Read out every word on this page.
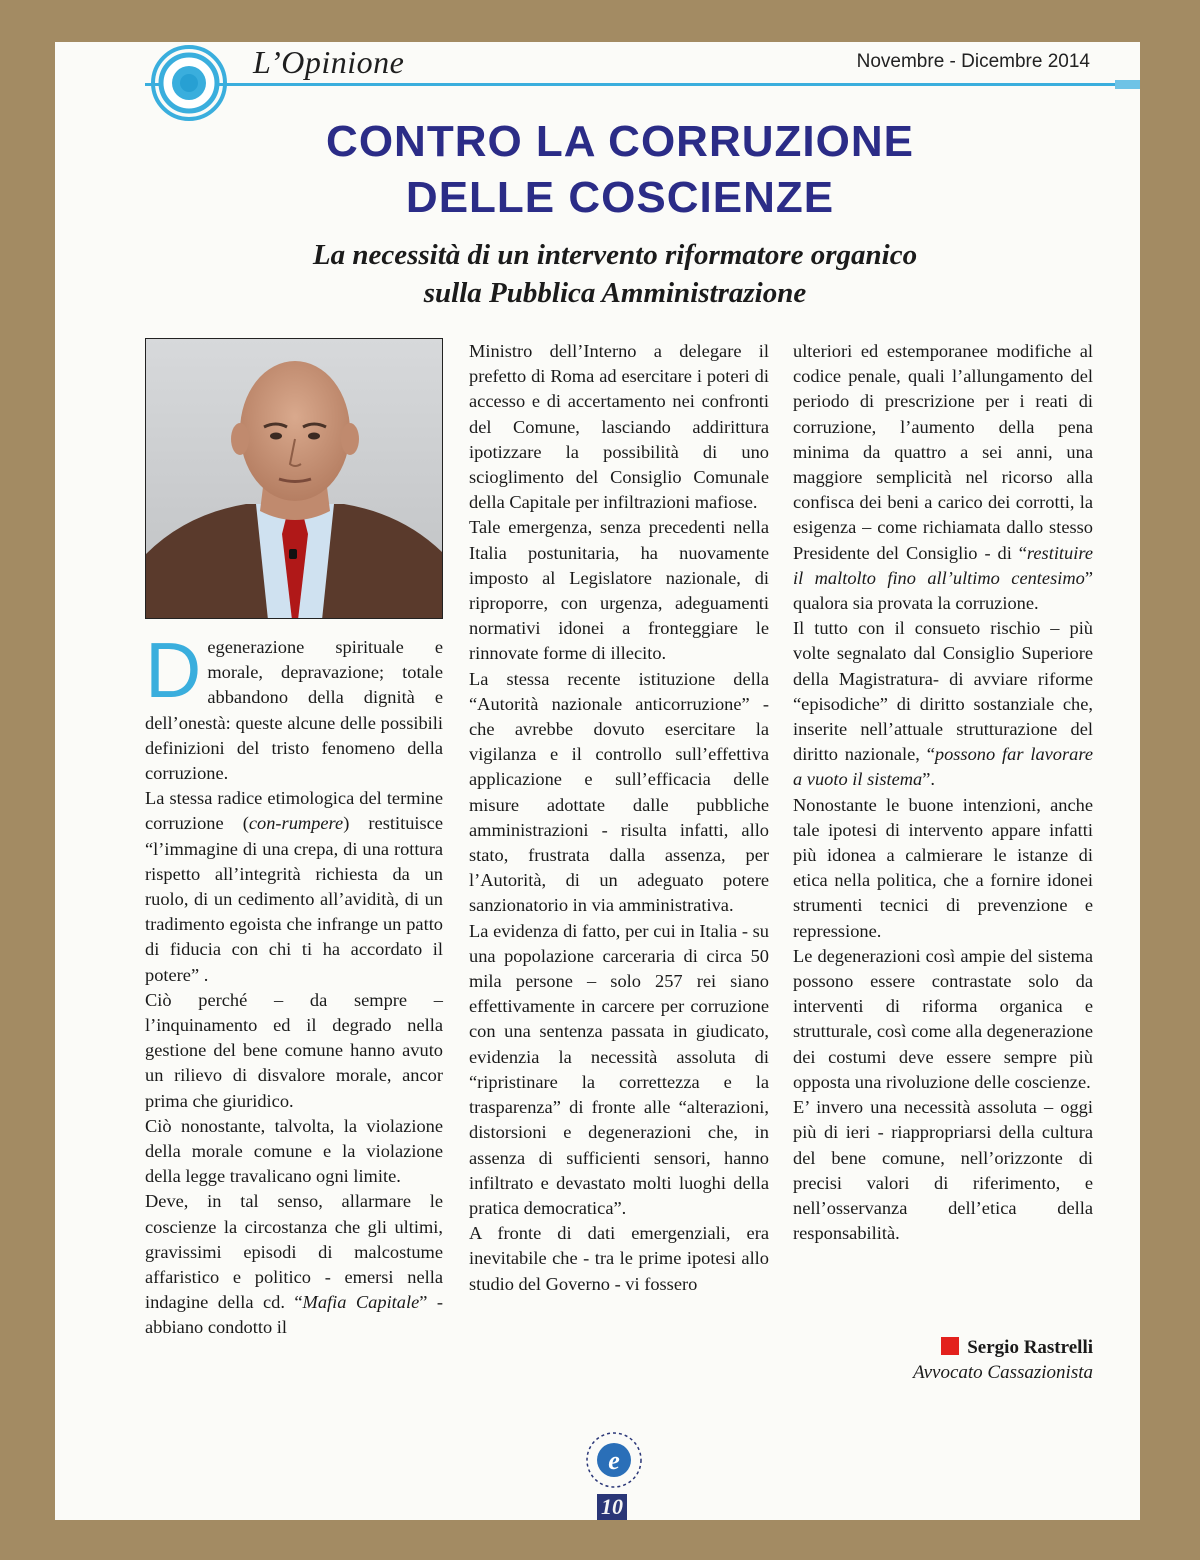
L’Opinione	Novembre - Dicembre 2014
CONTRO LA CORRUZIONE
DELLE COSCIENZE
La necessità di un intervento riformatore organico
sulla Pubblica Amministrazione

Degenerazione spirituale e morale, depravazione; totale abbandono della dignità e dell’onestà: queste alcune delle possibili definizioni del tristo fenomeno della corruzione.

La stessa radice etimologica del termine corruzione (con-rumpere) restituisce “l’immagine di una crepa, di una rottura rispetto all’integrità richiesta da un ruolo, di un cedimento all’avidità, di un tradimento egoista che infrange un patto di fiducia con chi ti ha accordato il potere” .

Ciò perché – da sempre – l’inquinamento ed il degrado nella gestione del bene comune hanno avuto un rilievo di disvalore morale, ancor prima che giuridico.

Ciò nonostante, talvolta, la violazione della morale comune e la violazione della legge travalicano ogni limite.

Deve, in tal senso, allarmare le coscienze la circostanza che gli ultimi, gravissimi episodi di malcostume affaristico e politico - emersi nella indagine della cd. “Mafia Capitale” - abbiano condotto il

Ministro dell’Interno a delegare il prefetto di Roma ad esercitare i poteri di accesso e di accertamento nei confronti del Comune, lasciando addirittura ipotizzare la possibilità di uno scioglimento del Consiglio Comunale della Capitale per infiltrazioni mafiose.

Tale emergenza, senza precedenti nella Italia postunitaria, ha nuovamente imposto al Legislatore nazionale, di riproporre, con urgenza, adeguamenti normativi idonei a fronteggiare le rinnovate forme di illecito.

La stessa recente istituzione della “Autorità nazionale anticorruzione” - che avrebbe dovuto esercitare la vigilanza e il controllo sull’effettiva applicazione e sull’efficacia delle misure adottate dalle pubbliche amministrazioni - risulta infatti, allo stato, frustrata dalla assenza, per l’Autorità, di un adeguato potere sanzionatorio in via amministrativa.

La evidenza di fatto, per cui in Italia - su una popolazione carceraria di circa 50 mila persone – solo 257 rei siano effettivamente in carcere per corruzione con una sentenza passata in giudicato, evidenzia la necessità assoluta di “ripristinare la correttezza e la trasparenza” di fronte alle “alterazioni, distorsioni e degenerazioni che, in assenza di sufficienti sensori, hanno infiltrato e devastato molti luoghi della pratica democratica”.

A fronte di dati emergenziali, era inevitabile che - tra le prime ipotesi allo studio del Governo - vi fossero

ulteriori ed estemporanee modifiche al codice penale, quali l’allungamento del periodo di prescrizione per i reati di corruzione, l’aumento della pena minima da quattro a sei anni, una maggiore semplicità nel ricorso alla confisca dei beni a carico dei corrotti, la esigenza – come richiamata dallo stesso Presidente del Consiglio - di “restituire il maltolto fino all’ultimo centesimo” qualora sia provata la corruzione.

Il tutto con il consueto rischio – più volte segnalato dal Consiglio Superiore della Magistratura- di avviare riforme “episodiche” di diritto sostanziale che, inserite nell’attuale strutturazione del diritto nazionale, “possono far lavorare a vuoto il sistema”.

Nonostante le buone intenzioni, anche tale ipotesi di intervento appare infatti più idonea a calmierare le istanze di etica nella politica, che a fornire idonei strumenti tecnici di prevenzione e repressione.

Le degenerazioni così ampie del sistema possono essere contrastate solo da interventi di riforma organica e strutturale, così come alla degenerazione dei costumi deve essere sempre più opposta una rivoluzione delle coscienze.

E’ invero una necessità assoluta – oggi più di ieri - riappropriarsi della cultura del bene comune, nell’orizzonte di precisi valori di riferimento, e nell’osservanza dell’etica della responsabilità.

e
10
Sergio Rastrelli
Avvocato Cassazionista
